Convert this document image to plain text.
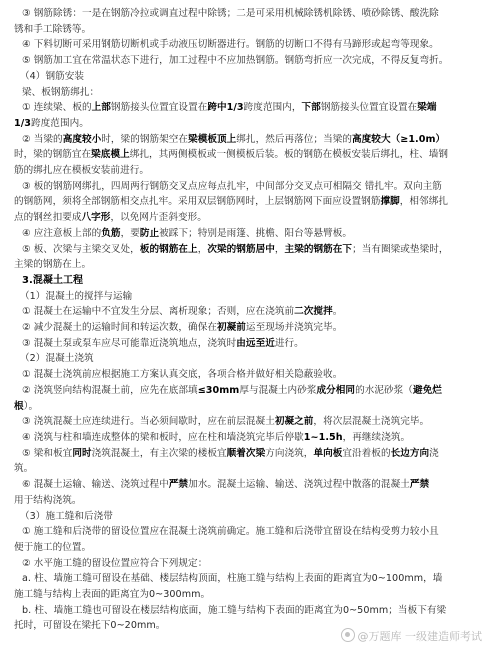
③ 钢筋除锈：一是在钢筋冷拉或调直过程中除锈；二是可采用机械除锈机除锈、喷砂除锈、酸洗除
锈和手工除锈等。
④ 下料切断可采用钢筋切断机或手动液压切断器进行。钢筋的切断口不得有马蹄形或起弯等现象。
⑤ 钢筋加工宜在常温状态下进行，加工过程中不应加热钢筋。钢筋弯折应一次完成，不得反复弯折。
（4）钢筋安装
梁、板钢筋绑扎：
① 连续梁、板的上部钢筋接头位置宜设置在跨中1/3跨度范围内，下部钢筋接头位置宜设置在梁端
1/3跨度范围内。
② 当梁的高度较小时，梁的钢筋架空在梁模板顶上绑扎，然后再落位；当梁的高度较大（≥1.0m）
时，梁的钢筋宜在梁底模上绑扎，其两侧模板或一侧模板后装。板的钢筋在模板安装后绑扎，柱、墙钢
筋的绑扎应在模板安装前进行。
③ 板的钢筋网绑扎，四周两行钢筋交叉点应每点扎牢，中间部分交叉点可相隔交 错扎牢。双向主筋
的钢筋网，须将全部钢筋相交点扎牢。采用双层钢筋网时，上层钢筋网下面应设置钢筋撑脚，相邻绑扎
点的钢丝扣要成八字形，以免网片歪斜变形。
④ 应注意板上部的负筋，要防止被踩下；特别是雨篷、挑檐、阳台等悬臂板。
⑤ 板、次梁与主梁交叉处，板的钢筋在上，次梁的钢筋居中，主梁的钢筋在下；当有圈梁或垫梁时，
主梁的钢筋在上。
3.混凝土工程
（1）混凝土的搅拌与运输
① 混凝土在运输中不宜发生分层、离析现象；否则，应在浇筑前二次搅拌。
② 减少混凝土的运输时间和转运次数，确保在初凝前运至现场并浇筑完毕。
③ 混凝土泵或泵车应尽可能靠近浇筑地点，浇筑时由远至近进行。
（2）混凝土浇筑
① 混凝土浇筑前应根据施工方案认真交底，各项合格并做好相关隐蔽验收。
② 浇筑竖向结构混凝土前，应先在底部填≤30mm厚与混凝土内砂浆成分相同的水泥砂浆（避免烂
根）。
③ 浇筑混凝土应连续进行。当必须间歇时，应在前层混凝土初凝之前，将次层混凝土浇筑完毕。
④ 浇筑与柱和墙连成整体的梁和板时，应在柱和墙浇筑完毕后停歇1~1.5h，再继续浇筑。
⑤ 梁和板宜同时浇筑混凝土，有主次梁的楼板宜顺着次梁方向浇筑，单向板宜沿着板的长边方向浇
筑。
⑥ 混凝土运输、输送、浇筑过程中严禁加水。混凝土运输、输送、浇筑过程中散落的混凝土严禁
用于结构浇筑。
（3）施工缝和后浇带
① 施工缝和后浇带的留设位置应在混凝土浇筑前确定。施工缝和后浇带宜留设在结构受剪力较小且
便于施工的位置。
② 水平施工缝的留设位置应符合下列规定：
a. 柱、墙施工缝可留设在基础、楼层结构顶面，柱施工缝与结构上表面的距离宜为0~100mm，墙
施工缝与结构上表面的距离宜为0~300mm。
b. 柱、墙施工缝也可留设在楼层结构底面，施工缝与结构下表面的距离宜为0~50mm；当板下有梁
托时，可留设在梁托下0~20mm。
@万题库 一级建造师考试
